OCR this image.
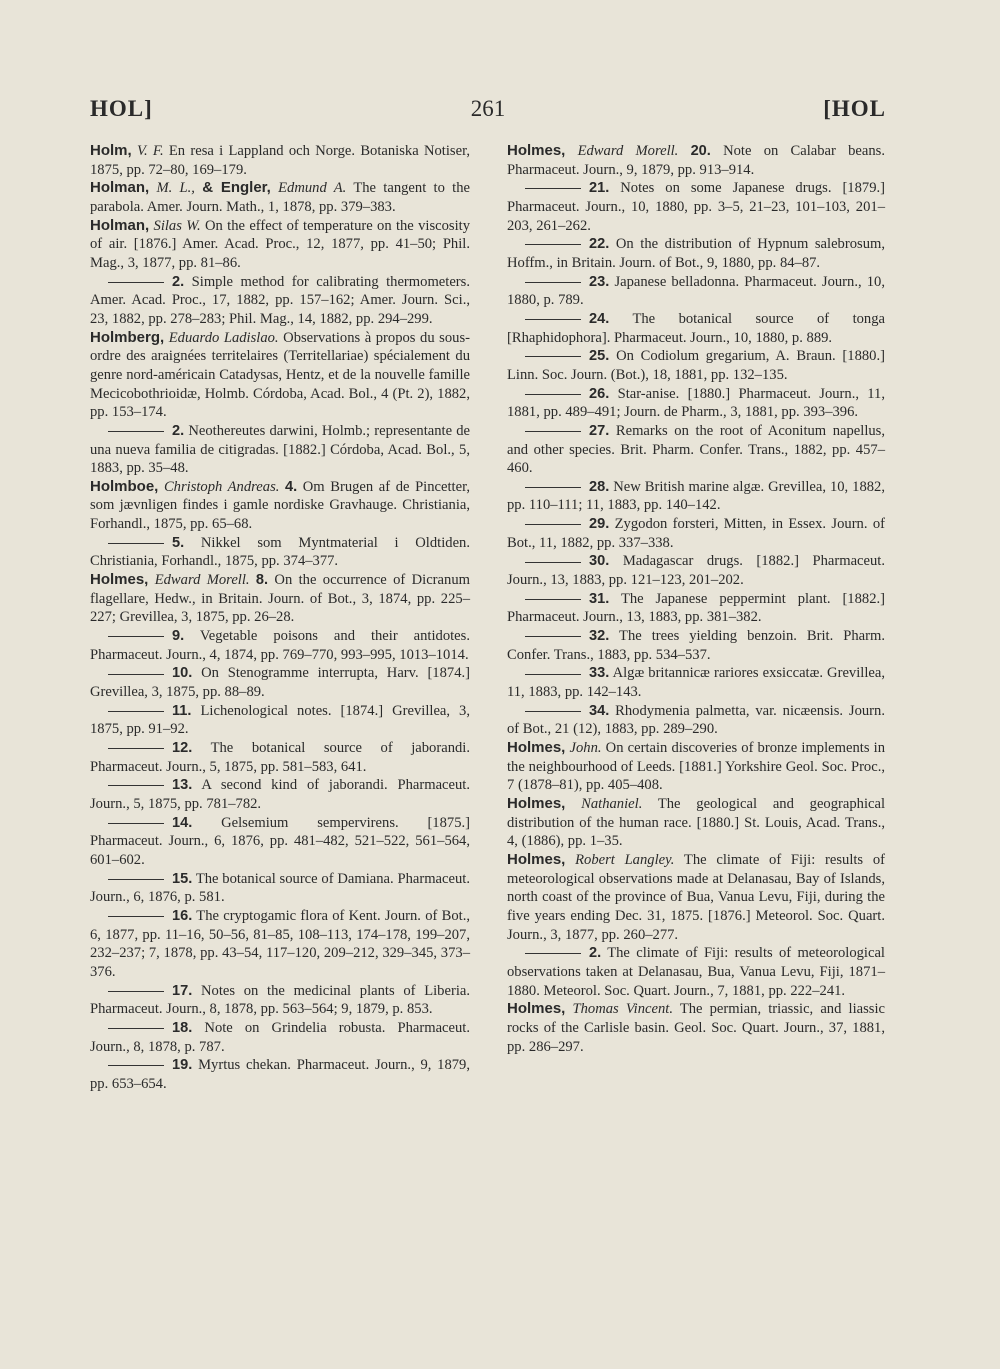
HOL]	261	[HOL

Holm, V. F. En resa i Lappland och Norge. Botaniska Notiser, 1875, pp. 72–80, 169–179.

Holman, M. L., & Engler, Edmund A. The tangent to the parabola. Amer. Journ. Math., 1, 1878, pp. 379–383.

Holman, Silas W. On the effect of temperature on the viscosity of air. [1876.] Amer. Acad. Proc., 12, 1877, pp. 41–50; Phil. Mag., 3, 1877, pp. 81–86.

2. Simple method for calibrating thermometers. Amer. Acad. Proc., 17, 1882, pp. 157–162; Amer. Journ. Sci., 23, 1882, pp. 278–283; Phil. Mag., 14, 1882, pp. 294–299.

Holmberg, Eduardo Ladislao. Observations à propos du sous-ordre des araignées territelaires (Territellariae) spécialement du genre nord-américain Catadysas, Hentz, et de la nouvelle famille Mecicobothrioidæ, Holmb. Córdoba, Acad. Bol., 4 (Pt. 2), 1882, pp. 153–174.

2. Neothereutes darwini, Holmb.; representante de una nueva familia de citigradas. [1882.] Córdoba, Acad. Bol., 5, 1883, pp. 35–48.

Holmboe, Christoph Andreas. 4. Om Brugen af de Pincetter, som jævnligen findes i gamle nordiske Gravhauge. Christiania, Forhandl., 1875, pp. 65–68.

5. Nikkel som Myntmaterial i Oldtiden. Christiania, Forhandl., 1875, pp. 374–377.

Holmes, Edward Morell. 8. On the occurrence of Dicranum flagellare, Hedw., in Britain. Journ. of Bot., 3, 1874, pp. 225–227; Grevillea, 3, 1875, pp. 26–28.

9. Vegetable poisons and their antidotes. Pharmaceut. Journ., 4, 1874, pp. 769–770, 993–995, 1013–1014.

10. On Stenogramme interrupta, Harv. [1874.] Grevillea, 3, 1875, pp. 88–89.

11. Lichenological notes. [1874.] Grevillea, 3, 1875, pp. 91–92.

12. The botanical source of jaborandi. Pharmaceut. Journ., 5, 1875, pp. 581–583, 641.

13. A second kind of jaborandi. Pharmaceut. Journ., 5, 1875, pp. 781–782.

14. Gelsemium sempervirens. [1875.] Pharmaceut. Journ., 6, 1876, pp. 481–482, 521–522, 561–564, 601–602.

15. The botanical source of Damiana. Pharmaceut. Journ., 6, 1876, p. 581.

16. The cryptogamic flora of Kent. Journ. of Bot., 6, 1877, pp. 11–16, 50–56, 81–85, 108–113, 174–178, 199–207, 232–237; 7, 1878, pp. 43–54, 117–120, 209–212, 329–345, 373–376.

17. Notes on the medicinal plants of Liberia. Pharmaceut. Journ., 8, 1878, pp. 563–564; 9, 1879, p. 853.

18. Note on Grindelia robusta. Pharmaceut. Journ., 8, 1878, p. 787.

19. Myrtus chekan. Pharmaceut. Journ., 9, 1879, pp. 653–654.

Holmes, Edward Morell. 20. Note on Calabar beans. Pharmaceut. Journ., 9, 1879, pp. 913–914.

21. Notes on some Japanese drugs. [1879.] Pharmaceut. Journ., 10, 1880, pp. 3–5, 21–23, 101–103, 201–203, 261–262.

22. On the distribution of Hypnum salebrosum, Hoffm., in Britain. Journ. of Bot., 9, 1880, pp. 84–87.

23. Japanese belladonna. Pharmaceut. Journ., 10, 1880, p. 789.

24. The botanical source of tonga [Rhaphidophora]. Pharmaceut. Journ., 10, 1880, p. 889.

25. On Codiolum gregarium, A. Braun. [1880.] Linn. Soc. Journ. (Bot.), 18, 1881, pp. 132–135.

26. Star-anise. [1880.] Pharmaceut. Journ., 11, 1881, pp. 489–491; Journ. de Pharm., 3, 1881, pp. 393–396.

27. Remarks on the root of Aconitum napellus, and other species. Brit. Pharm. Confer. Trans., 1882, pp. 457–460.

28. New British marine algæ. Grevillea, 10, 1882, pp. 110–111; 11, 1883, pp. 140–142.

29. Zygodon forsteri, Mitten, in Essex. Journ. of Bot., 11, 1882, pp. 337–338.

30. Madagascar drugs. [1882.] Pharmaceut. Journ., 13, 1883, pp. 121–123, 201–202.

31. The Japanese peppermint plant. [1882.] Pharmaceut. Journ., 13, 1883, pp. 381–382.

32. The trees yielding benzoin. Brit. Pharm. Confer. Trans., 1883, pp. 534–537.

33. Algæ britannicæ rariores exsiccatæ. Grevillea, 11, 1883, pp. 142–143.

34. Rhodymenia palmetta, var. nicæensis. Journ. of Bot., 21 (12), 1883, pp. 289–290.

Holmes, John. On certain discoveries of bronze implements in the neighbourhood of Leeds. [1881.] Yorkshire Geol. Soc. Proc., 7 (1878–81), pp. 405–408.

Holmes, Nathaniel. The geological and geographical distribution of the human race. [1880.] St. Louis, Acad. Trans., 4, (1886), pp. 1–35.

Holmes, Robert Langley. The climate of Fiji: results of meteorological observations made at Delanasau, Bay of Islands, north coast of the province of Bua, Vanua Levu, Fiji, during the five years ending Dec. 31, 1875. [1876.] Meteorol. Soc. Quart. Journ., 3, 1877, pp. 260–277.

2. The climate of Fiji: results of meteorological observations taken at Delanasau, Bua, Vanua Levu, Fiji, 1871–1880. Meteorol. Soc. Quart. Journ., 7, 1881, pp. 222–241.

Holmes, Thomas Vincent. The permian, triassic, and liassic rocks of the Carlisle basin. Geol. Soc. Quart. Journ., 37, 1881, pp. 286–297.
